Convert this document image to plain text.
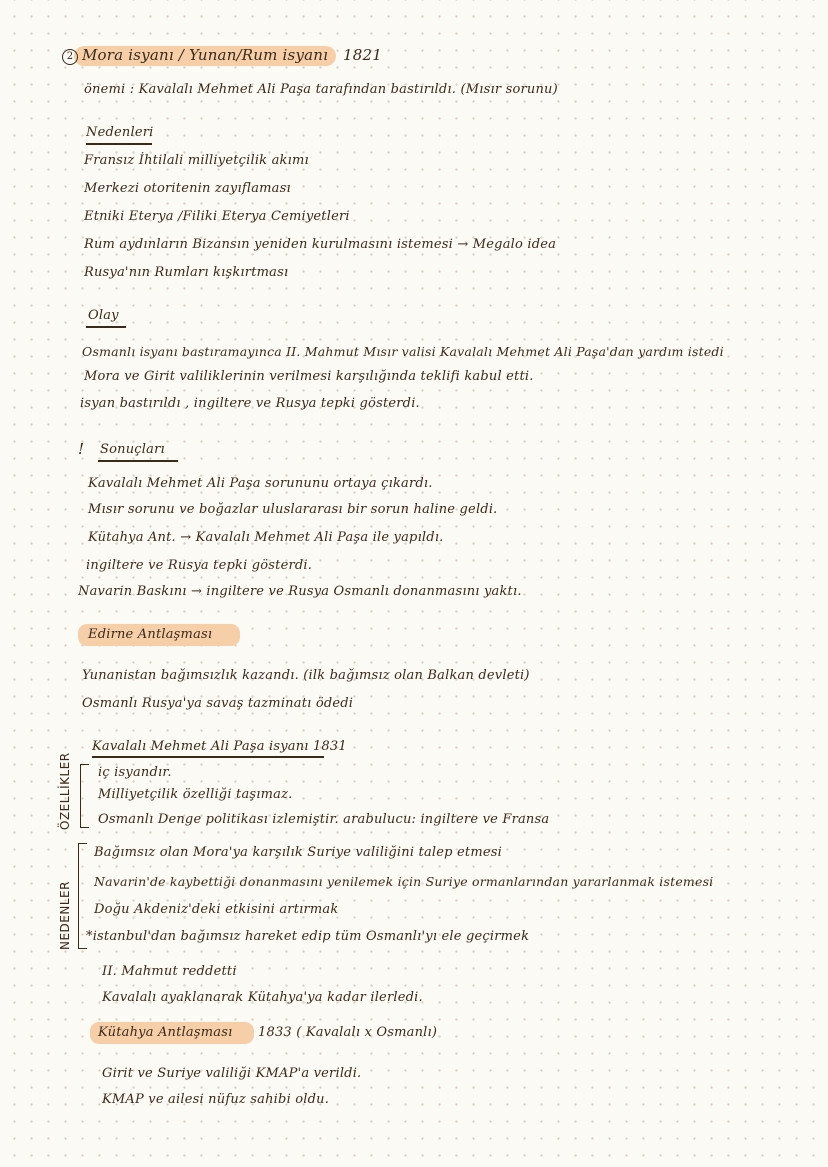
2 Mora isyanı / Yunan/Rum isyanı 1821
önemi : Kavalalı Mehmet Ali Paşa tarafından bastırıldı. (Mısır sorunu)
Nedenleri
Fransız İhtilali milliyetçilik akımı
Merkezi otoritenin zayıflaması
Etniki Eterya /Filiki Eterya Cemiyetleri
Rum aydınların Bizansın yeniden kurulmasını istemesi → Megalo idea
Rusya'nın Rumları kışkırtması
Olay
Osmanlı isyanı bastıramayınca II. Mahmut Mısır valisi Kavalalı Mehmet Ali Paşa'dan yardım istedi
Mora ve Girit valiliklerinin verilmesi karşılığında teklifi kabul etti.
isyan bastırıldı , ingiltere ve Rusya tepki gösterdi.
! Sonuçları
Kavalalı Mehmet Ali Paşa sorununu ortaya çıkardı.
Mısır sorunu ve boğazlar uluslararası bir sorun haline geldi.
Kütahya Ant. → Kavalalı Mehmet Ali Paşa ile yapıldı.
ingiltere ve Rusya tepki gösterdi.
Navarin Baskını → ingiltere ve Rusya Osmanlı donanmasını yaktı.
Edirne Antlaşması
Yunanistan bağımsızlık kazandı. (ilk bağımsız olan Balkan devleti)
Osmanlı Rusya'ya savaş tazminatı ödedi
Kavalalı Mehmet Ali Paşa isyanı 1831
ÖZELLİKLER iç isyandır.
Milliyetçilik özelliği taşımaz.
Osmanlı Denge politikası izlemiştir. arabulucu: ingiltere ve Fransa
NEDENLER
Bağımsız olan Mora'ya karşılık Suriye valiliğini talep etmesi
Navarin'de kaybettiği donanmasını yenilemek için Suriye ormanlarından yararlanmak istemesi
Doğu Akdeniz'deki etkisini artırmak
*istanbul'dan bağımsız hareket edip tüm Osmanlı'yı ele geçirmek
II. Mahmut reddetti
Kavalalı ayaklanarak Kütahya'ya kadar ilerledi.
Kütahya Antlaşması 1833 ( Kavalalı x Osmanlı)
Girit ve Suriye valiliği KMAP'a verildi.
KMAP ve ailesi nüfuz sahibi oldu.
